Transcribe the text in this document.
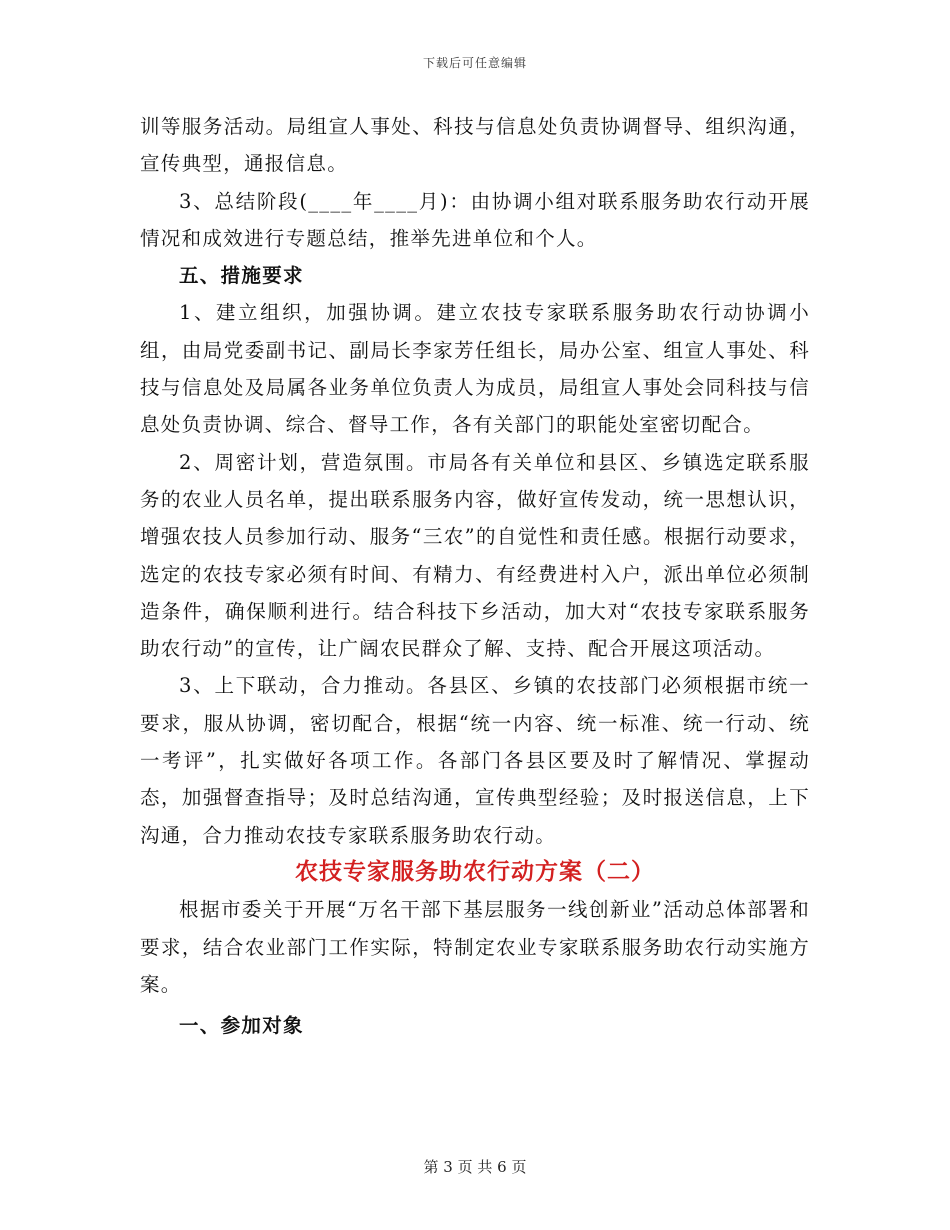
下载后可任意编辑

训等服务活动。局组宣人事处、科技与信息处负责协调督导、组织沟通，宣传典型，通报信息。

3、总结阶段(____年____月)：由协调小组对联系服务助农行动开展情况和成效进行专题总结，推举先进单位和个人。

五、措施要求

1、建立组织，加强协调。建立农技专家联系服务助农行动协调小组，由局党委副书记、副局长李家芳任组长，局办公室、组宣人事处、科技与信息处及局属各业务单位负责人为成员，局组宣人事处会同科技与信息处负责协调、综合、督导工作，各有关部门的职能处室密切配合。

2、周密计划，营造氛围。市局各有关单位和县区、乡镇选定联系服务的农业人员名单，提出联系服务内容，做好宣传发动，统一思想认识，增强农技人员参加行动、服务“三农”的自觉性和责任感。根据行动要求，选定的农技专家必须有时间、有精力、有经费进村入户，派出单位必须制造条件，确保顺利进行。结合科技下乡活动，加大对“农技专家联系服务助农行动”的宣传，让广阔农民群众了解、支持、配合开展这项活动。

3、上下联动，合力推动。各县区、乡镇的农技部门必须根据市统一要求，服从协调，密切配合，根据“统一内容、统一标准、统一行动、统一考评”，扎实做好各项工作。各部门各县区要及时了解情况、掌握动态，加强督查指导；及时总结沟通，宣传典型经验；及时报送信息，上下沟通，合力推动农技专家联系服务助农行动。

农技专家服务助农行动方案（二）

根据市委关于开展“万名干部下基层服务一线创新业”活动总体部署和要求，结合农业部门工作实际，特制定农业专家联系服务助农行动实施方案。

一、参加对象

第 3 页 共 6 页
